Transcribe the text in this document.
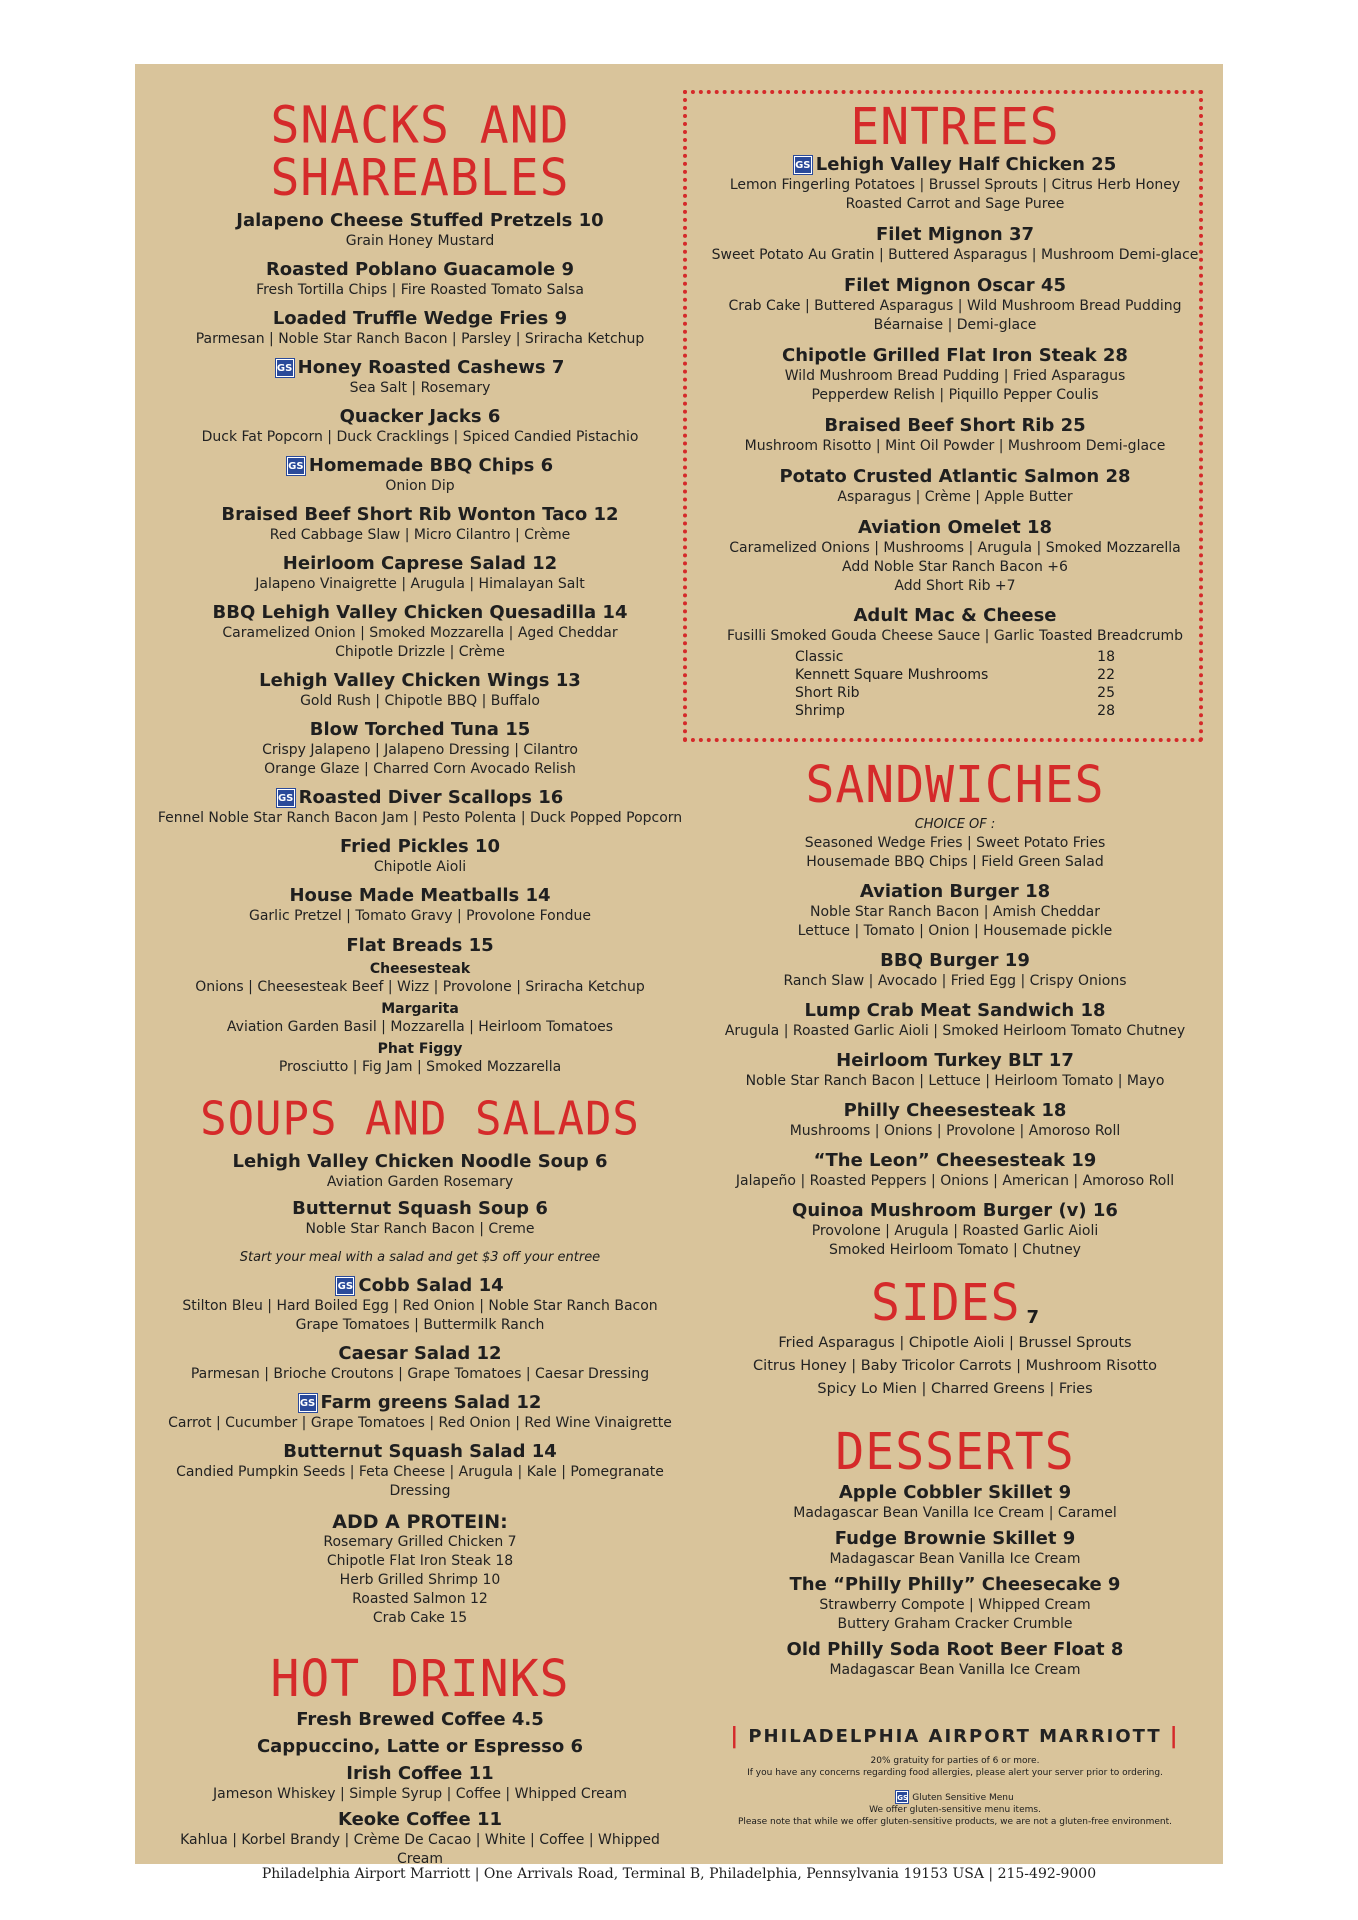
SNACKS AND
SHAREABLES
Jalapeno Cheese Stuffed Pretzels 10
Grain Honey Mustard
Roasted Poblano Guacamole 9
Fresh Tortilla Chips | Fire Roasted Tomato Salsa
Loaded Truffle Wedge Fries 9
Parmesan | Noble Star Ranch Bacon | Parsley | Sriracha Ketchup
GS Honey Roasted Cashews 7
Sea Salt | Rosemary
Quacker Jacks 6
Duck Fat Popcorn | Duck Cracklings | Spiced Candied Pistachio
GS Homemade BBQ Chips 6
Onion Dip
Braised Beef Short Rib Wonton Taco 12
Red Cabbage Slaw | Micro Cilantro | Crème
Heirloom Caprese Salad 12
Jalapeno Vinaigrette | Arugula | Himalayan Salt
BBQ Lehigh Valley Chicken Quesadilla 14
Caramelized Onion | Smoked Mozzarella | Aged Cheddar
Chipotle Drizzle | Crème
Lehigh Valley Chicken Wings 13
Gold Rush | Chipotle BBQ | Buffalo
Blow Torched Tuna 15
Crispy Jalapeno | Jalapeno Dressing | Cilantro
Orange Glaze | Charred Corn Avocado Relish
GS Roasted Diver Scallops 16
Fennel Noble Star Ranch Bacon Jam | Pesto Polenta | Duck Popped Popcorn
Fried Pickles 10
Chipotle Aioli
House Made Meatballs 14
Garlic Pretzel | Tomato Gravy | Provolone Fondue
Flat Breads 15
Cheesesteak
Onions | Cheesesteak Beef | Wizz | Provolone | Sriracha Ketchup
Margarita
Aviation Garden Basil | Mozzarella | Heirloom Tomatoes
Phat Figgy
Prosciutto | Fig Jam | Smoked Mozzarella
SOUPS AND SALADS
Lehigh Valley Chicken Noodle Soup 6
Aviation Garden Rosemary
Butternut Squash Soup 6
Noble Star Ranch Bacon | Creme
Start your meal with a salad and get $3 off your entree
GS Cobb Salad 14
Stilton Bleu | Hard Boiled Egg | Red Onion | Noble Star Ranch Bacon
Grape Tomatoes | Buttermilk Ranch
Caesar Salad 12
Parmesan | Brioche Croutons | Grape Tomatoes | Caesar Dressing
GS Farm greens Salad 12
Carrot | Cucumber | Grape Tomatoes | Red Onion | Red Wine Vinaigrette
Butternut Squash Salad 14
Candied Pumpkin Seeds | Feta Cheese | Arugula | Kale | Pomegranate Dressing
ADD A PROTEIN:
Rosemary Grilled Chicken 7
Chipotle Flat Iron Steak 18
Herb Grilled Shrimp 10
Roasted Salmon 12
Crab Cake 15
HOT DRINKS
Fresh Brewed Coffee 4.5
Cappuccino, Latte or Espresso 6
Irish Coffee 11
Jameson Whiskey | Simple Syrup | Coffee | Whipped Cream
Keoke Coffee 11
Kahlua | Korbel Brandy | Crème De Cacao | White | Coffee | Whipped Cream
ENTREES
GS Lehigh Valley Half Chicken 25
Lemon Fingerling Potatoes | Brussel Sprouts | Citrus Herb Honey
Roasted Carrot and Sage Puree
Filet Mignon 37
Sweet Potato Au Gratin | Buttered Asparagus | Mushroom Demi-glace
Filet Mignon Oscar 45
Crab Cake | Buttered Asparagus | Wild Mushroom Bread Pudding
Béarnaise | Demi-glace
Chipotle Grilled Flat Iron Steak 28
Wild Mushroom Bread Pudding | Fried Asparagus
Pepperdew Relish | Piquillo Pepper Coulis
Braised Beef Short Rib 25
Mushroom Risotto | Mint Oil Powder | Mushroom Demi-glace
Potato Crusted Atlantic Salmon 28
Asparagus | Crème | Apple Butter
Aviation Omelet 18
Caramelized Onions | Mushrooms | Arugula | Smoked Mozzarella
Add Noble Star Ranch Bacon +6
Add Short Rib +7
Adult Mac & Cheese
Fusilli Smoked Gouda Cheese Sauce | Garlic Toasted Breadcrumb
Classic	18
Kennett Square Mushrooms	22
Short Rib	25
Shrimp	28
SANDWICHES
CHOICE OF :
Seasoned Wedge Fries | Sweet Potato Fries
Housemade BBQ Chips | Field Green Salad
Aviation Burger 18
Noble Star Ranch Bacon | Amish Cheddar
Lettuce | Tomato | Onion | Housemade pickle
BBQ Burger 19
Ranch Slaw | Avocado | Fried Egg | Crispy Onions
Lump Crab Meat Sandwich 18
Arugula | Roasted Garlic Aioli | Smoked Heirloom Tomato Chutney
Heirloom Turkey BLT 17
Noble Star Ranch Bacon | Lettuce | Heirloom Tomato | Mayo
Philly Cheesesteak 18
Mushrooms | Onions | Provolone | Amoroso Roll
“The Leon” Cheesesteak 19
Jalapeño | Roasted Peppers | Onions | American | Amoroso Roll
Quinoa Mushroom Burger (v) 16
Provolone | Arugula | Roasted Garlic Aioli
Smoked Heirloom Tomato | Chutney
SIDES 7
Fried Asparagus | Chipotle Aioli | Brussel Sprouts
Citrus Honey | Baby Tricolor Carrots | Mushroom Risotto
Spicy Lo Mien | Charred Greens | Fries
DESSERTS
Apple Cobbler Skillet 9
Madagascar Bean Vanilla Ice Cream | Caramel
Fudge Brownie Skillet 9
Madagascar Bean Vanilla Ice Cream
The “Philly Philly” Cheesecake 9
Strawberry Compote | Whipped Cream
Buttery Graham Cracker Crumble
Old Philly Soda Root Beer Float 8
Madagascar Bean Vanilla Ice Cream
| PHILADELPHIA AIRPORT MARRIOTT |
20% gratuity for parties of 6 or more.
If you have any concerns regarding food allergies, please alert your server prior to ordering.
GS Gluten Sensitive Menu
We offer gluten-sensitive menu items.
Please note that while we offer gluten-sensitive products, we are not a gluten-free environment.
Philadelphia Airport Marriott | One Arrivals Road, Terminal B, Philadelphia, Pennsylvania 19153 USA | 215-492-9000
